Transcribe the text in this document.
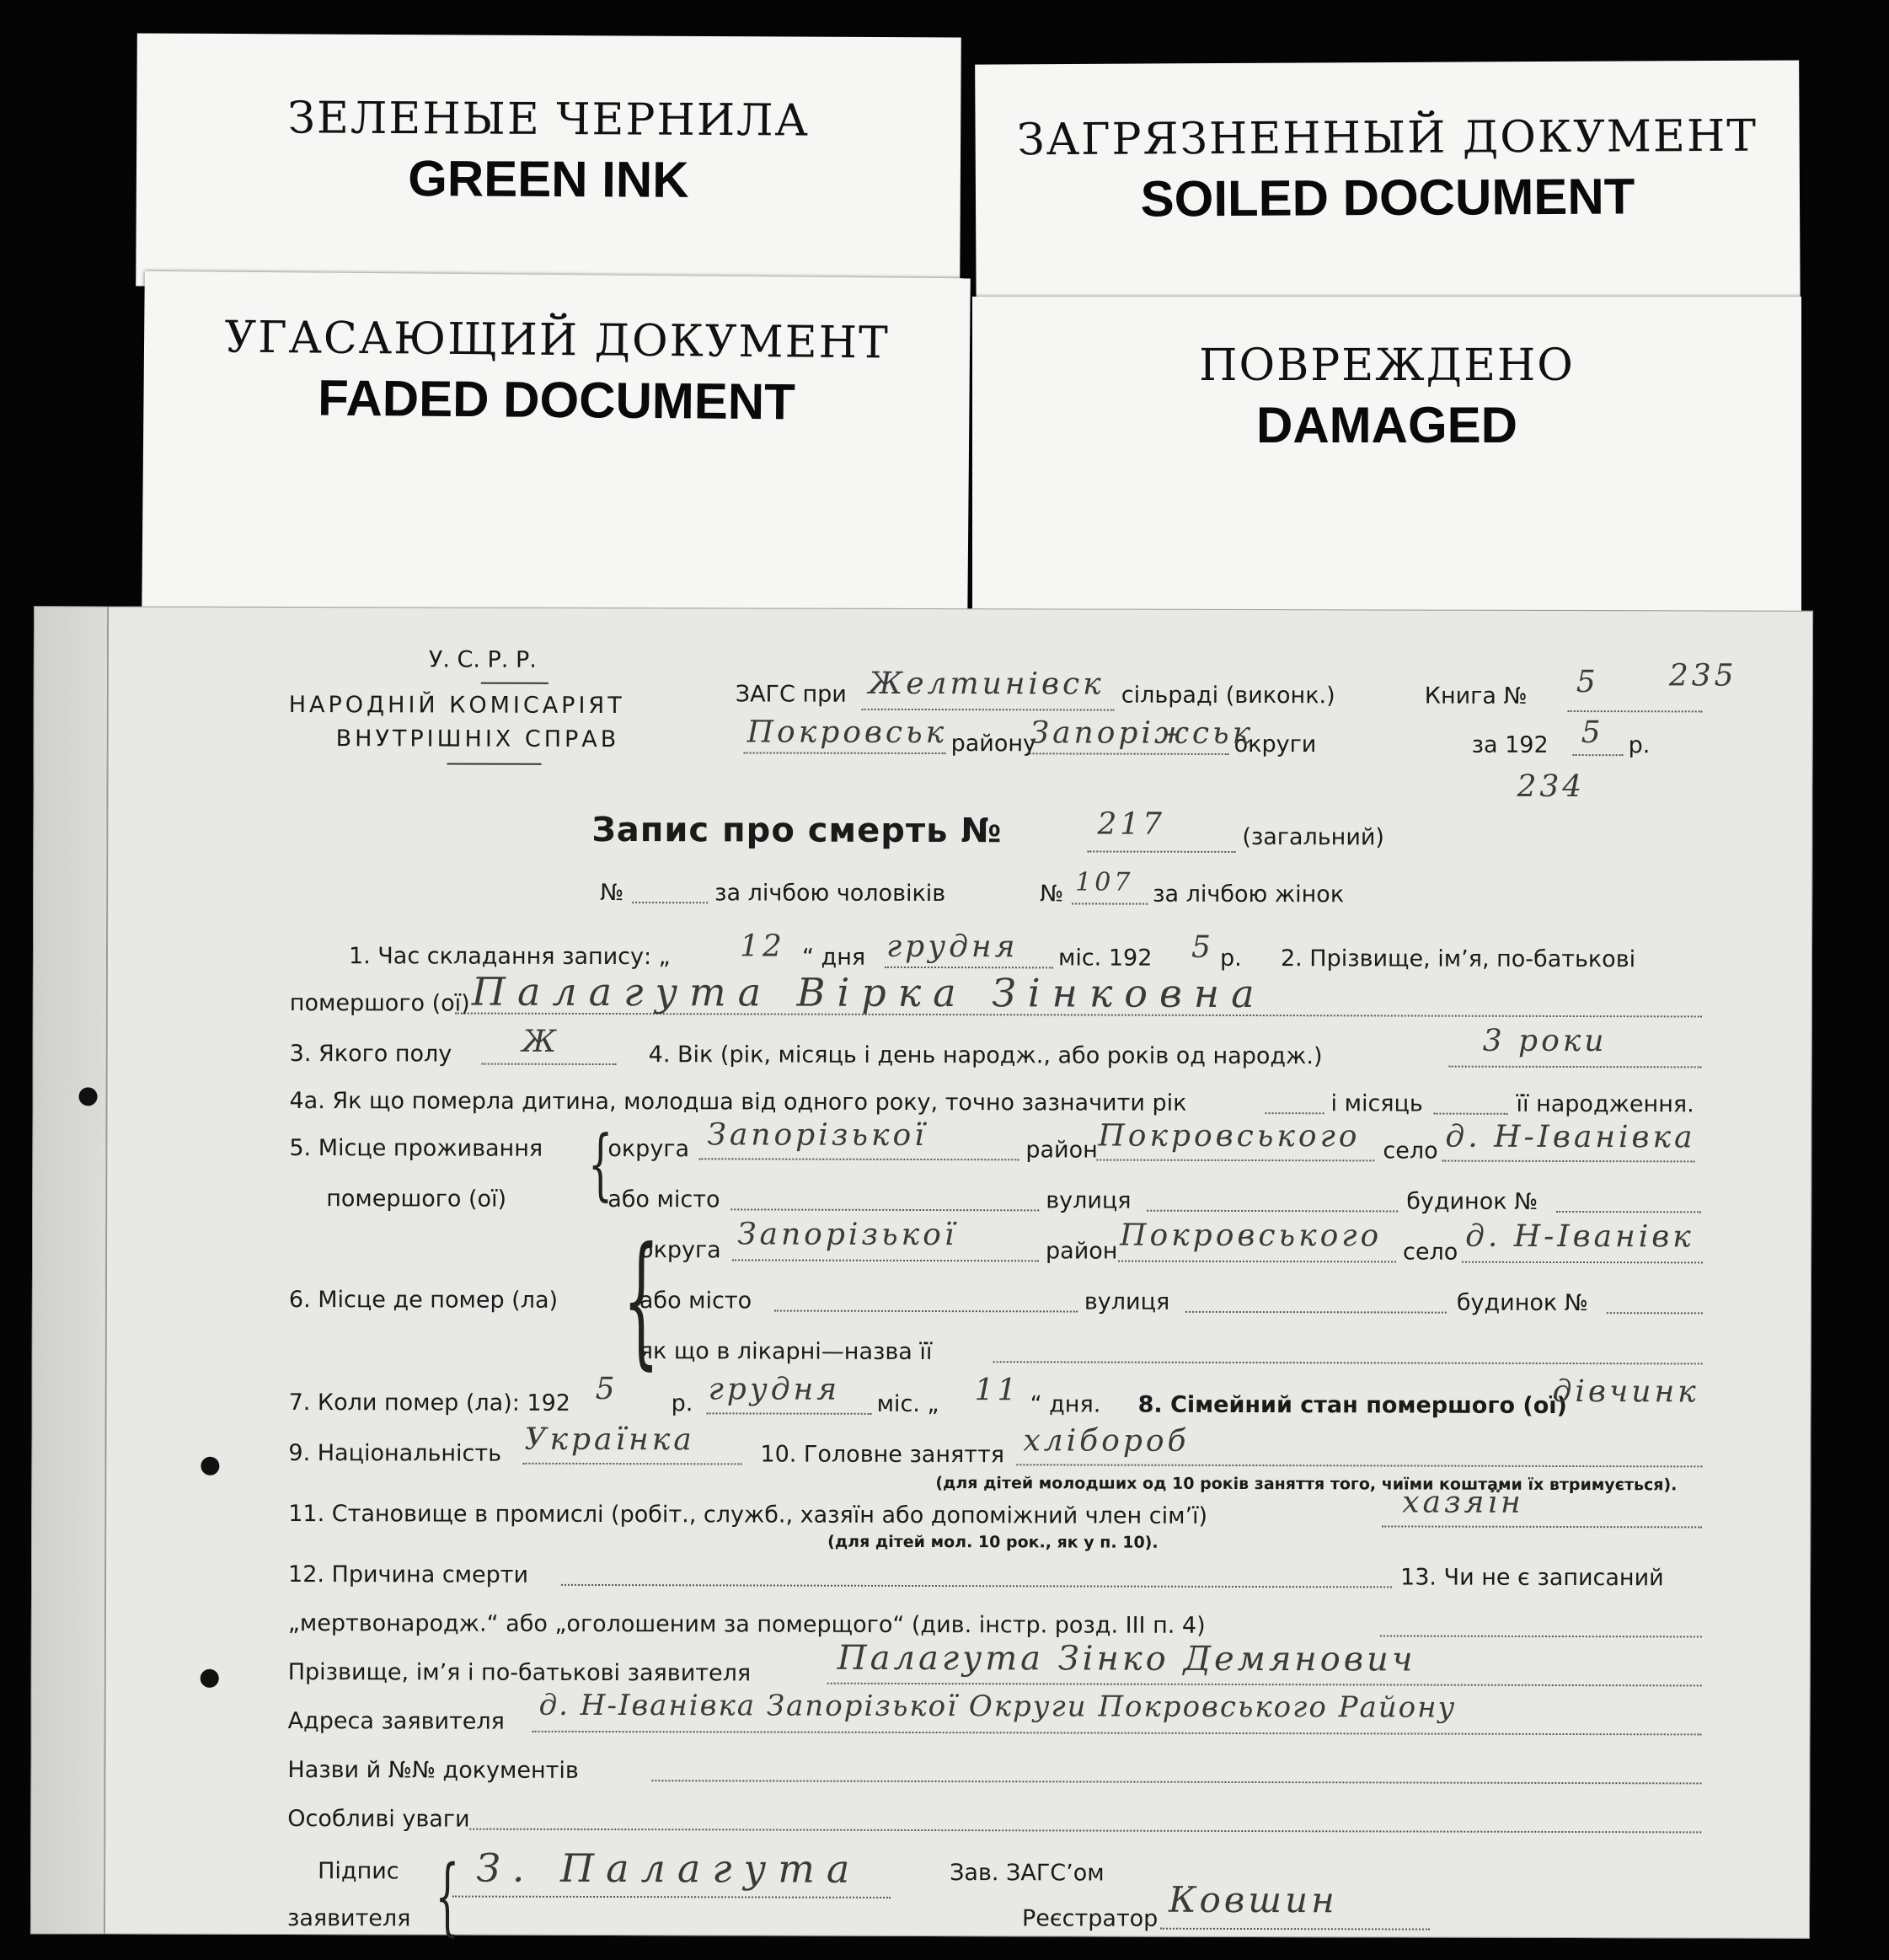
ЗЕЛЕНЫЕ ЧЕРНИЛА
GREEN INK
ЗАГРЯЗНЕННЫЙ ДОКУМЕНТ
SOILED DOCUMENT
УГАСАЮЩИЙ ДОКУМЕНТ
FADED DOCUMENT
ПОВРЕЖДЕНО
DAMAGED
У. С. Р. Р.
НАРОДНІЙ КОМІСАРІЯТ
ВНУТРІШНІХ СПРАВ
ЗАГС при Желтинівск сільраді (виконк.)	Книга № 5 235
Покровськ району
Запоріжськ
округи	за 192 5 р.
234
Запис про смерть №	217	(загальний)
№	за лічбою чоловіків	№ 107 за лічбою жінок
1. Час складання запису: „ 12 “ дня грудня міс. 192 5 р. 2. Прізвище, ім’я, по-батькові
помершого (ої) Палагута Вірка Зінковна
3. Якого полу Ж	4. Вік (рік, місяць і день народж., або років од народж.)	3 роки
4а. Як що померла дитина, молодша від одного року, точно зазначити рік	і місяць	її народження.
5. Місце проживання
помершого (ої) {
округа Запорізької	район Покровського село д. Н-Іванівка
або місто	вулиця	будинок №
{
округа Запорізької	район Покровського село д. Н-Іванівк
6. Місце де помер (ла)	або місто	вулиця	будинок №
як що в лікарні—назва її
7. Коли помер (ла): 192 5 р. грудня міс. „ 11 “ дня. 8. Сімейний стан помершого (ої)
дівчинк
9. Національність Українка	10. Головне заняття хлібороб
(для дітей молодших од 10 років заняття того, чиїми коштами їх втримується).
11. Становище в промислі (робіт., служб., хазяїн або допоміжний член сім’ї)	хазяїн
(для дітей мол. 10 рок., як у п. 10).
12. Причина смерти	13. Чи не є записаний
„мертвонародж.“ або „оголошеним за померщого“ (див. інстр. розд. III п. 4)
Прізвище, ім’я і по-батькові заявителя	Палагута Зінко Демянович
Адреса заявителя д. Н-Іванівка Запорізької Округи Покровського Району
Назви й №№ документів
Особливі уваги
Підпис
заявителя { З. Палагута	Зав. ЗАГС’ом
Реєстратор Ковшин
